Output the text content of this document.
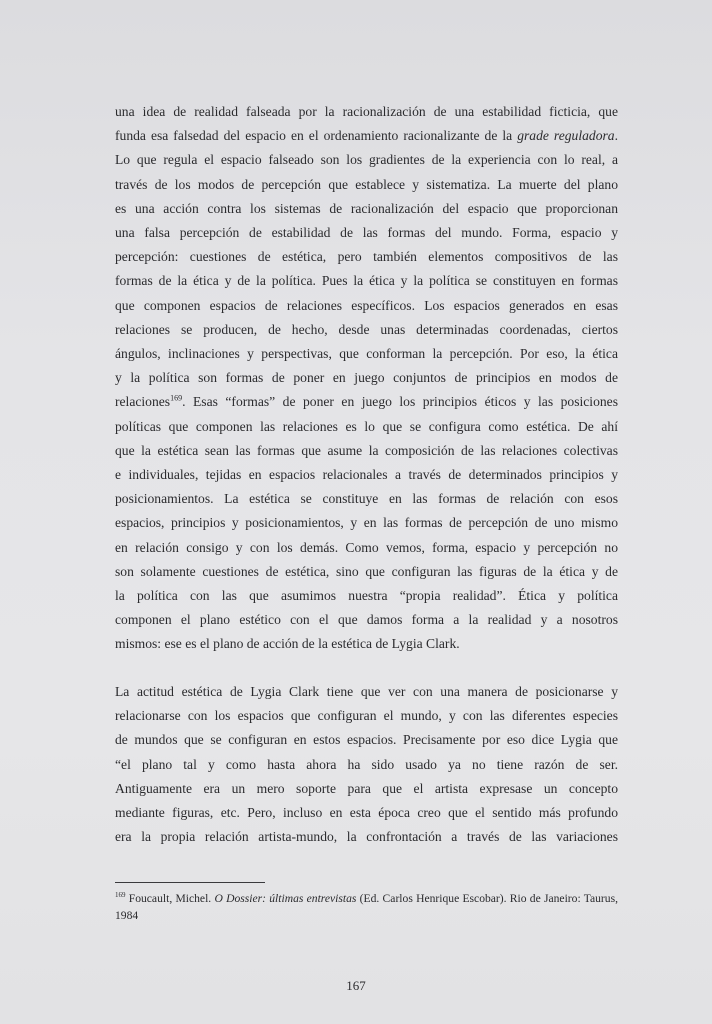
una idea de realidad falseada por la racionalización de una estabilidad ficticia, que
funda esa falsedad del espacio en el ordenamiento racionalizante de la grade reguladora.
Lo que regula el espacio falseado son los gradientes de la experiencia con lo real, a
través de los modos de percepción que establece y sistematiza. La muerte del plano
es una acción contra los sistemas de racionalización del espacio que proporcionan
una falsa percepción de estabilidad de las formas del mundo. Forma, espacio y
percepción: cuestiones de estética, pero también elementos compositivos de las
formas de la ética y de la política. Pues la ética y la política se constituyen en formas
que componen espacios de relaciones específicos. Los espacios generados en esas
relaciones se producen, de hecho, desde unas determinadas coordenadas, ciertos
ángulos, inclinaciones y perspectivas, que conforman la percepción. Por eso, la ética
y la política son formas de poner en juego conjuntos de principios en modos de
relaciones$^{169}$. Esas “formas” de poner en juego los principios éticos y las posiciones
políticas que componen las relaciones es lo que se configura como estética. De ahí
que la estética sean las formas que asume la composición de las relaciones colectivas
e individuales, tejidas en espacios relacionales a través de determinados principios y
posicionamientos. La estética se constituye en las formas de relación con esos
espacios, principios y posicionamientos, y en las formas de percepción de uno mismo
en relación consigo y con los demás. Como vemos, forma, espacio y percepción no
son solamente cuestiones de estética, sino que configuran las figuras de la ética y de
la política con las que asumimos nuestra “propia realidad”. Ética y política
componen el plano estético con el que damos forma a la realidad y a nosotros
mismos: ese es el plano de acción de la estética de Lygia Clark.

La actitud estética de Lygia Clark tiene que ver con una manera de posicionarse y
relacionarse con los espacios que configuran el mundo, y con las diferentes especies
de mundos que se configuran en estos espacios. Precisamente por eso dice Lygia que
“el plano tal y como hasta ahora ha sido usado ya no tiene razón de ser.
Antiguamente era un mero soporte para que el artista expresase un concepto
mediante figuras, etc. Pero, incluso en esta época creo que el sentido más profundo
era la propia relación artista-mundo, la confrontación a través de las variaciones

$^{169}$ Foucault, Michel. O Dossier: últimas entrevistas (Ed. Carlos Henrique Escobar). Rio de Janeiro: Taurus, 1984
167
